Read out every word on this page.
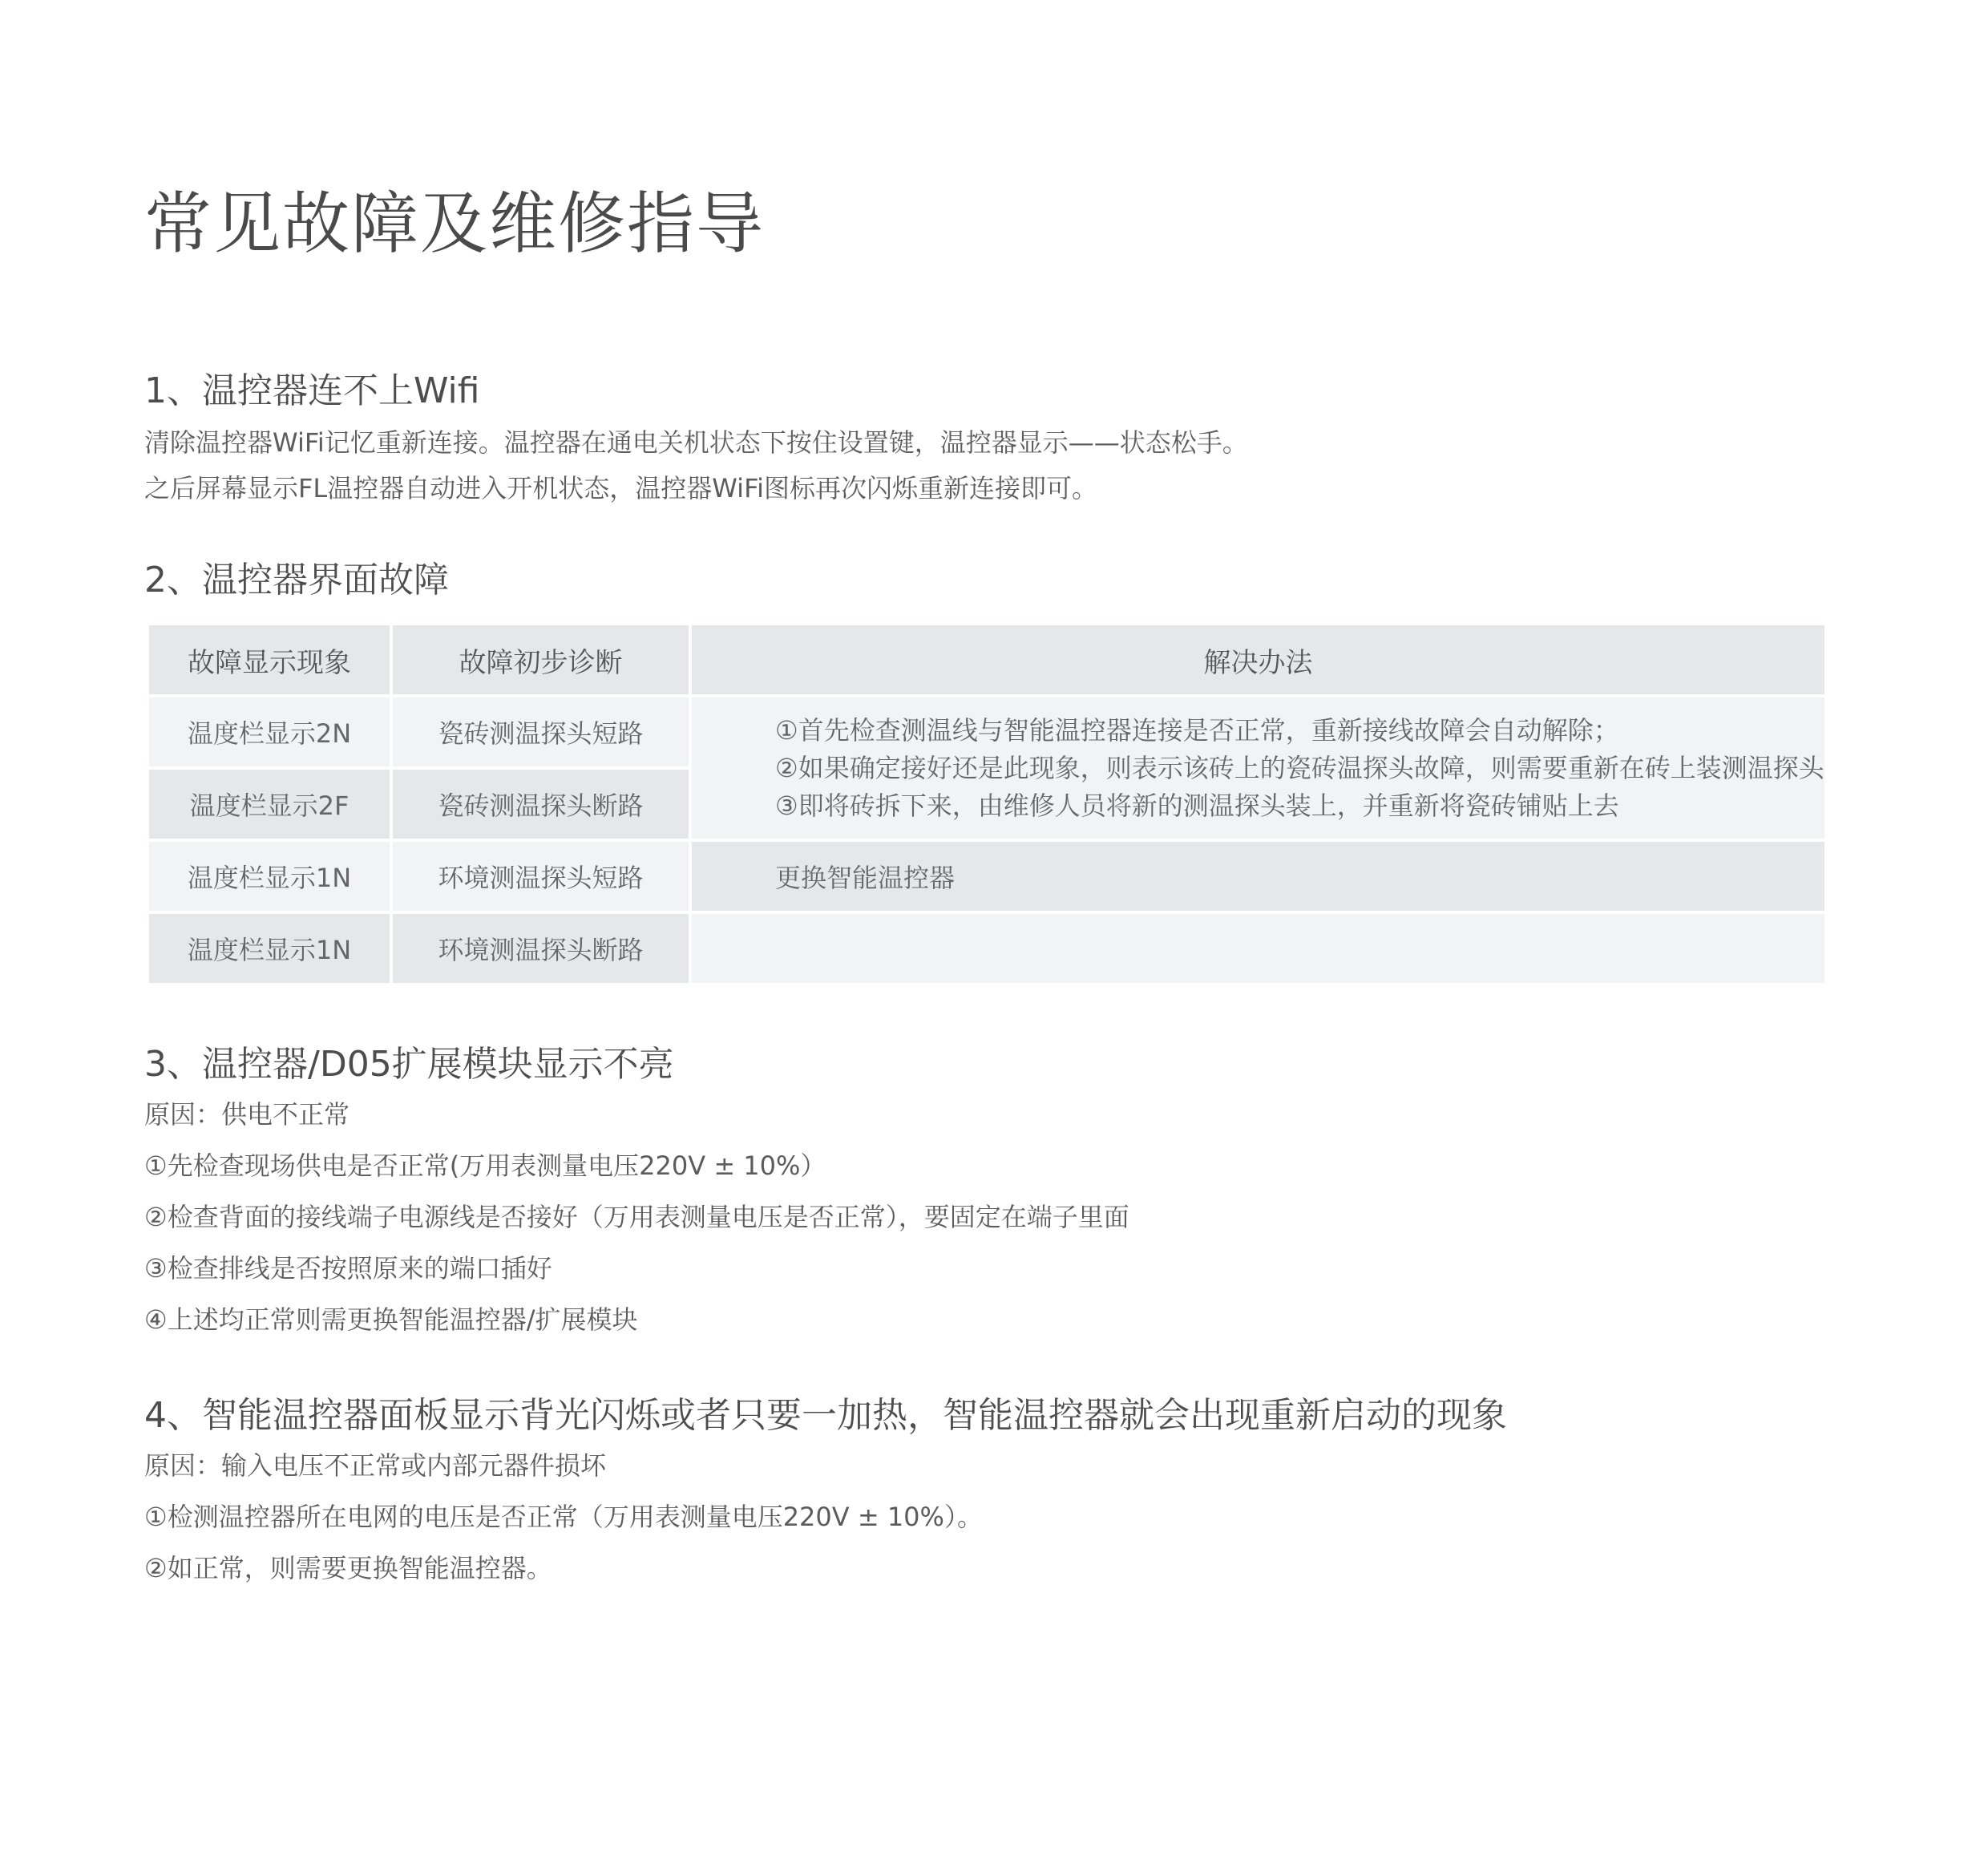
常见故障及维修指导
1、温控器连不上Wifi

清除温控器WiFi记忆重新连接。温控器在通电关机状态下按住设置键，温控器显示——状态松手。

之后屏幕显示FL温控器自动进入开机状态，温控器WiFi图标再次闪烁重新连接即可。

2、温控器界面故障
故障显示现象	故障初步诊断	解决办法
温度栏显示2N	瓷砖测温探头短路	①首先检查测温线与智能温控器连接是否正常，重新接线故障会自动解除；
②如果确定接好还是此现象，则表示该砖上的瓷砖温探头故障，则需要重新在砖上装测温探头
③即将砖拆下来，由维修人员将新的测温探头装上，并重新将瓷砖铺贴上去

温度栏显示2F	瓷砖测温探头断路	
温度栏显示1N	环境测温探头短路	更换智能温控器
温度栏显示1N	环境测温探头断路	
3、温控器/D05扩展模块显示不亮

原因：供电不正常

①先检查现场供电是否正常(万用表测量电压220V ± 10%）

②检查背面的接线端子电源线是否接好（万用表测量电压是否正常），要固定在端子里面

③检查排线是否按照原来的端口插好

④上述均正常则需更换智能温控器/扩展模块

4、智能温控器面板显示背光闪烁或者只要一加热，智能温控器就会出现重新启动的现象

原因：输入电压不正常或内部元器件损坏

①检测温控器所在电网的电压是否正常（万用表测量电压220V ± 10%）。

②如正常，则需要更换智能温控器。
